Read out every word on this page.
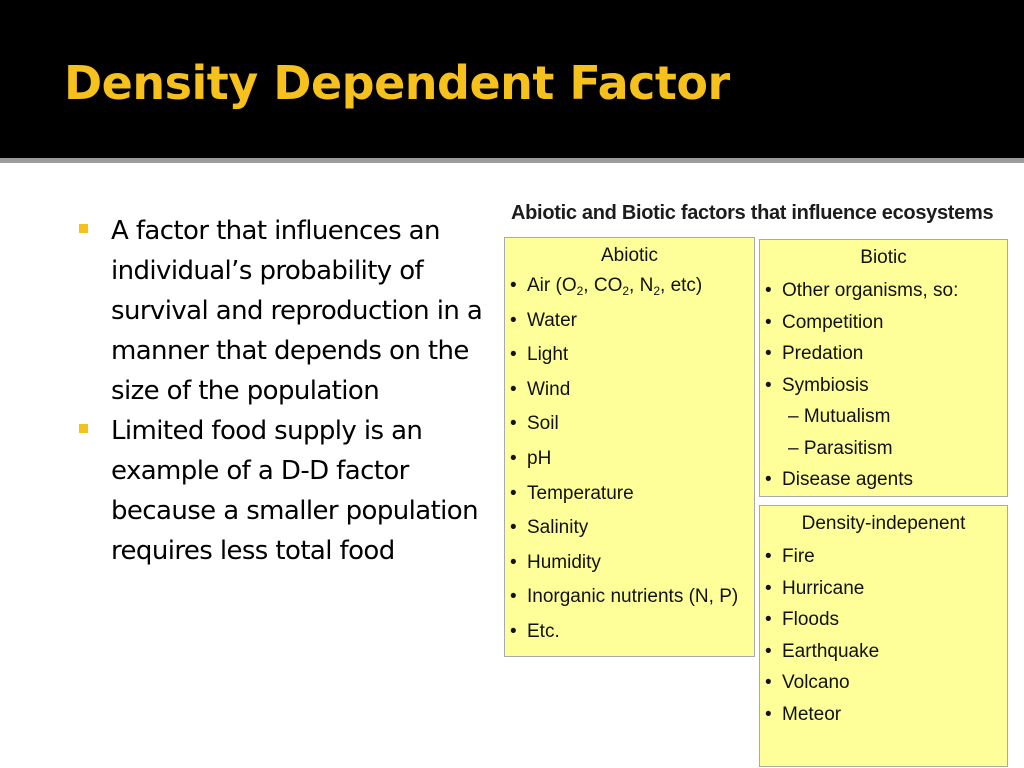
Density Dependent Factor
A factor that influences an individual’s probability of survival and reproduction in a manner that depends on the size of the population
Limited food supply is an example of a D-D factor because a smaller population requires less total food
Abiotic and Biotic factors that influence ecosystems
Abiotic
• Air ($O_2$, $CO_2$, $N_2$, etc)
• Water
• Light
• Wind
• Soil
• pH
• Temperature
• Salinity
• Humidity
• Inorganic nutrients (N, P)
• Etc.
Biotic
• Other organisms, so:
• Competition
• Predation
• Symbiosis
– Mutualism
– Parasitism
• Disease agents
Density-indepenent
• Fire
• Hurricane
• Floods
• Earthquake
• Volcano
• Meteor
